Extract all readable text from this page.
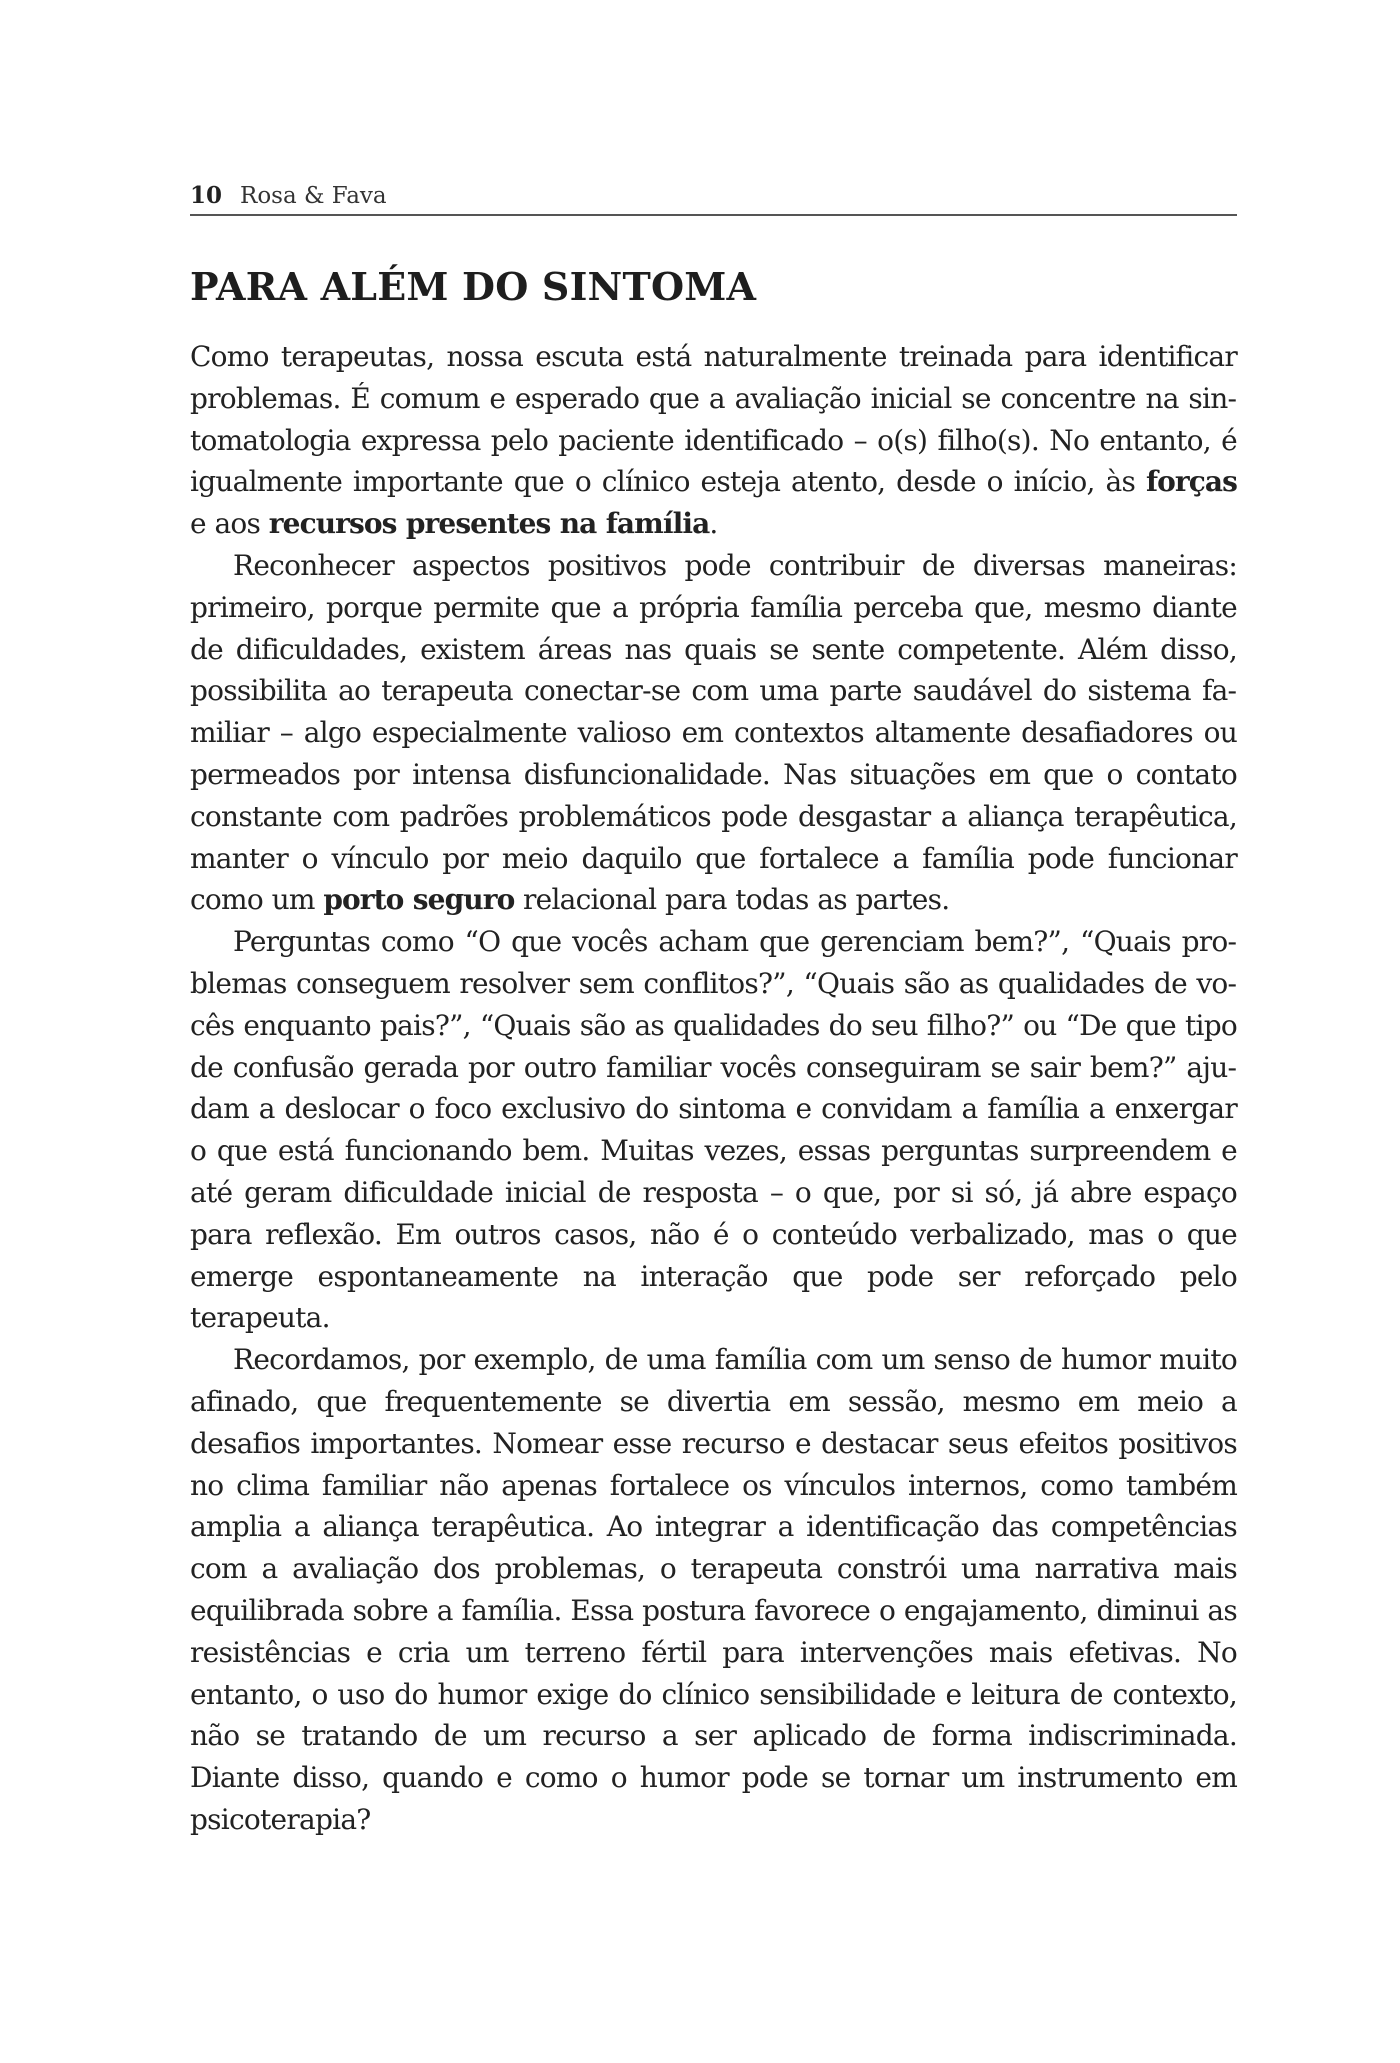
10 Rosa & Fava
PARA ALÉM DO SINTOMA

Como terapeutas, nossa escuta está naturalmente treinada para identificar problemas. É comum e esperado que a avaliação inicial se concentre na sintomatologia expressa pelo paciente identificado – o(s) filho(s). No entanto, é igualmente importante que o clínico esteja atento, desde o início, às forças e aos recursos presentes na família.

Reconhecer aspectos positivos pode contribuir de diversas maneiras: primeiro, porque permite que a própria família perceba que, mesmo diante de dificuldades, existem áreas nas quais se sente competente. Além disso, possibilita ao terapeuta conectar-se com uma parte saudável do sistema familiar – algo especialmente valioso em contextos altamente desafiadores ou permeados por intensa disfuncionalidade. Nas situações em que o contato constante com padrões problemáticos pode desgastar a aliança terapêutica, manter o vínculo por meio daquilo que fortalece a família pode funcionar como um porto seguro relacional para todas as partes.

Perguntas como “O que vocês acham que gerenciam bem?”, “Quais problemas conseguem resolver sem conflitos?”, “Quais são as qualidades de vocês enquanto pais?”, “Quais são as qualidades do seu filho?” ou “De que tipo de confusão gerada por outro familiar vocês conseguiram se sair bem?” ajudam a deslocar o foco exclusivo do sintoma e convidam a família a enxergar o que está funcionando bem. Muitas vezes, essas perguntas surpreendem e até geram dificuldade inicial de resposta – o que, por si só, já abre espaço para reflexão. Em outros casos, não é o conteúdo verbalizado, mas o que emerge espontaneamente na interação que pode ser reforçado pelo terapeuta.

Recordamos, por exemplo, de uma família com um senso de humor muito afinado, que frequentemente se divertia em sessão, mesmo em meio a desafios importantes. Nomear esse recurso e destacar seus efeitos positivos no clima familiar não apenas fortalece os vínculos internos, como também amplia a aliança terapêutica. Ao integrar a identificação das competências com a avaliação dos problemas, o terapeuta constrói uma narrativa mais equilibrada sobre a família. Essa postura favorece o engajamento, diminui as resistências e cria um terreno fértil para intervenções mais efetivas. No entanto, o uso do humor exige do clínico sensibilidade e leitura de contexto, não se tratando de um recurso a ser aplicado de forma indiscriminada. Diante disso, quando e como o humor pode se tornar um instrumento em psicoterapia?
